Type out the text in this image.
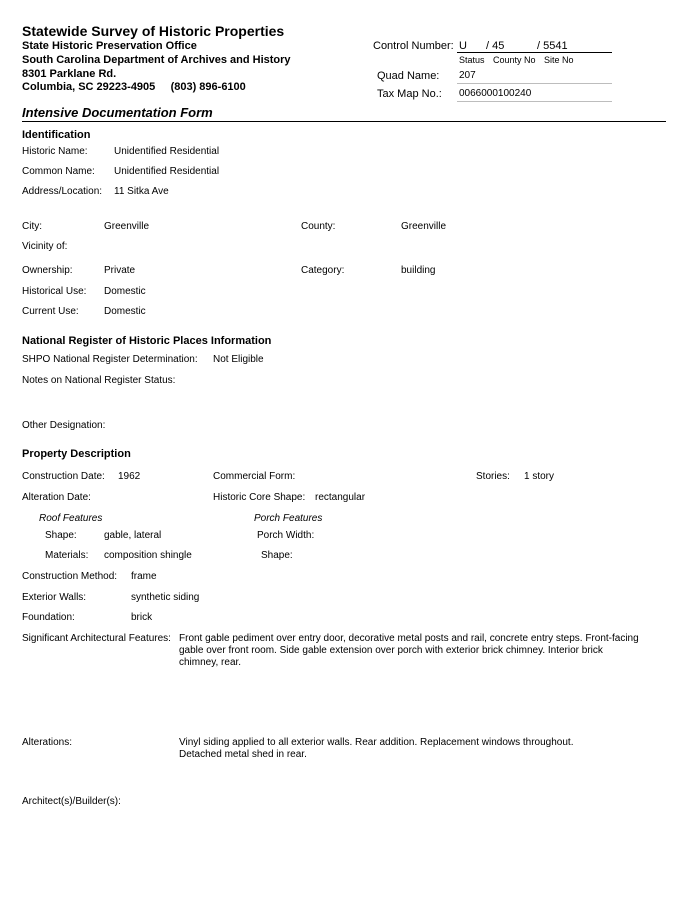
Statewide Survey of Historic Properties
State Historic Preservation Office
South Carolina Department of Archives and History
8301 Parklane Rd.
Columbia, SC 29223-4905     (803) 896-6100
Control Number: U / 45	/ 5541
Status County No Site No
Quad Name: 207
Tax Map No.: 0066000100240
Intensive Documentation Form
Identification
Historic Name:	Unidentified Residential
Common Name: Unidentified Residential
Address/Location: 11 Sitka Ave
City:	Greenville	County:	Greenville
Vicinity of:
Ownership:	Private	Category:	building
Historical Use: Domestic
Current Use:	Domestic
National Register of Historic Places Information
SHPO National Register Determination: Not Eligible
Notes on National Register Status:
Other Designation:
Property Description
Construction Date: 1962	Commercial Form:	Stories: 1 story
Alteration Date:	Historic Core Shape: rectangular
Roof Features	Porch Features
Shape:	gable, lateral	Porch Width:
Materials: composition shingle	Shape:
Construction Method: frame
Exterior Walls:	synthetic siding
Foundation:	brick
Significant Architectural Features: Front gable pediment over entry door, decorative metal posts and rail, concrete entry steps. Front-facing gable over front room. Side gable extension over porch with exterior brick chimney. Interior brick chimney, rear.
Alterations:	Vinyl siding applied to all exterior walls. Rear addition. Replacement windows throughout. Detached metal shed in rear.
Architect(s)/Builder(s):
